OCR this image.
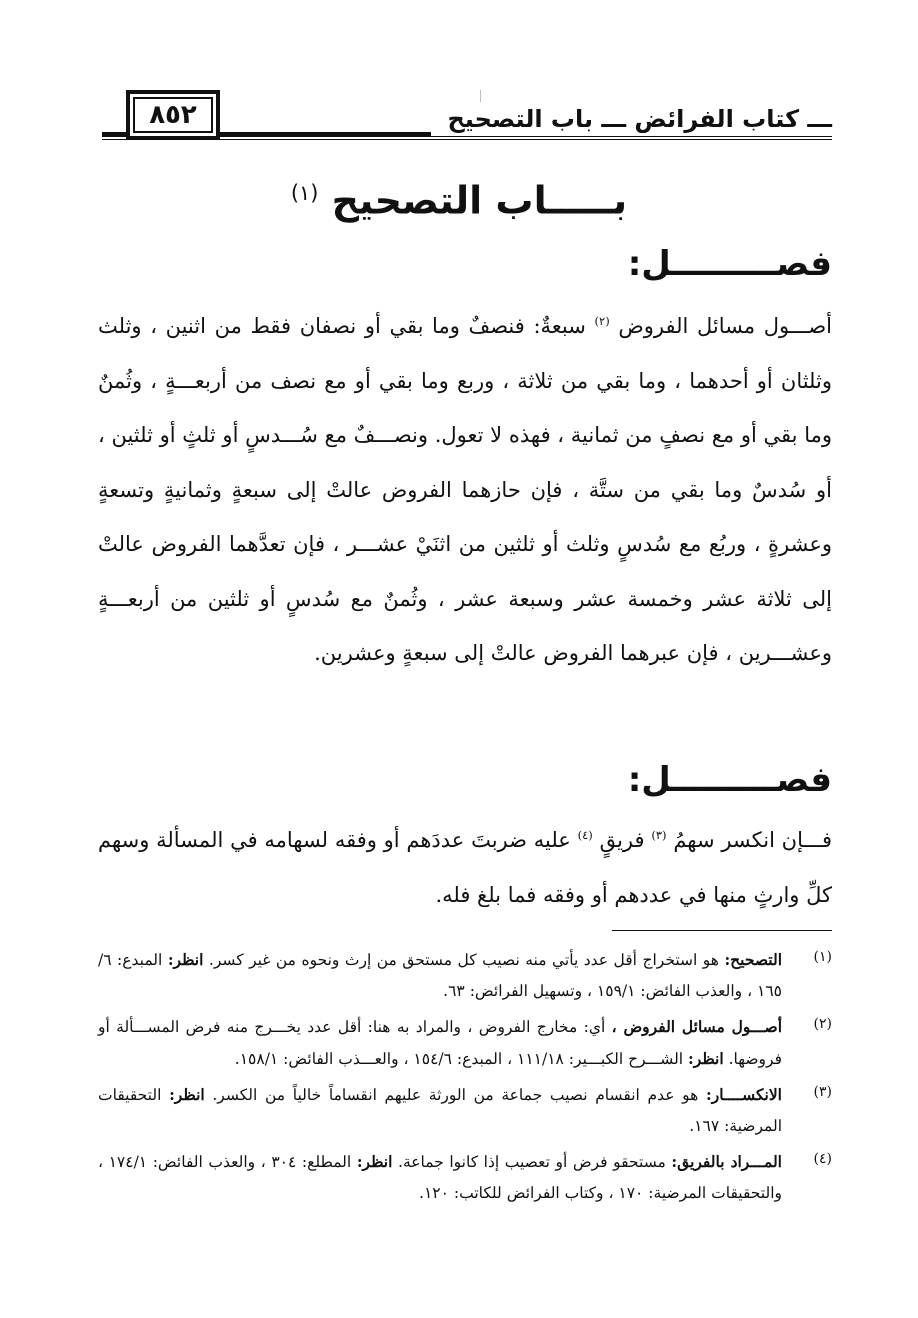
٨٥٢	ـــ كتاب الفرائض ـــ باب التصحيح
بـــــاب التصحيح $^{(١)}$
فصـــــــــل:
أصـــول مسائل الفروض $^{(٢)}$ سبعةٌ: فنصفٌ وما بقي أو نصفان فقط من اثنين ، وثلث وثلثان أو أحدهما ، وما بقي من ثلاثة ، وربع وما بقي أو مع نصف من أربعـــةٍ ، وثُمنٌ وما بقي أو مع نصفٍ من ثمانية ، فهذه لا تعول. ونصـــفٌ مع سُـــدسٍ أو ثلثٍ أو ثلثين ، أو سُدسٌ وما بقي من ستَّة ، فإن حازهما الفروض عالتْ إلى سبعةٍ وثمانيةٍ وتسعةٍ وعشرةٍ ، وربُع مع سُدسٍ وثلث أو ثلثين من اثنَيْ عشـــر ، فإن تعدَّهما الفروض عالتْ إلى ثلاثة عشر وخمسة عشر وسبعة عشر ، وثُمنٌ مع سُدسٍ أو ثلثين من أربعـــةٍ وعشـــرين ، فإن عبرهما الفروض عالتْ إلى سبعةٍ وعشرين.
فصـــــــــل:
فـــإن انكسر سهمُ $^{(٣)}$ فريقٍ $^{(٤)}$ عليه ضربتَ عددَهم أو وفقه لسهامه في المسألة وسهم كلِّ وارثٍ منها في عددهم أو وفقه فما بلغ فله.
(١)
التصحيح: هو استخراج أقل عدد يأتي منه نصيب كل مستحق من إرث ونحوه من غير كسر. انظر: المبدع: ٦/ ١٦٥ ، والعذب الفائض: ١٥٩/١ ، وتسهيل الفرائض: ٦٣.
(٢)
أصـــول مسائل الفروض ، أي: مخارج الفروض ، والمراد به هنا: أقل عدد يخـــرج منه فرض المســـألة أو فروضها. انظر: الشـــرح الكبـــير: ١١١/١٨ ، المبدع: ١٥٤/٦ ، والعـــذب الفائض: ١٥٨/١.
(٣)
الانكســــار: هو عدم انقسام نصيب جماعة من الورثة عليهم انقساماً خالياً من الكسر. انظر: التحقيقات المرضية: ١٦٧.
(٤)
المـــراد بالفريق: مستحقو فرض أو تعصيب إذا كانوا جماعة. انظر: المطلع: ٣٠٤ ، والعذب الفائض: ١٧٤/١ ، والتحقيقات المرضية: ١٧٠ ، وكتاب الفرائض للكاتب: ١٢٠.
